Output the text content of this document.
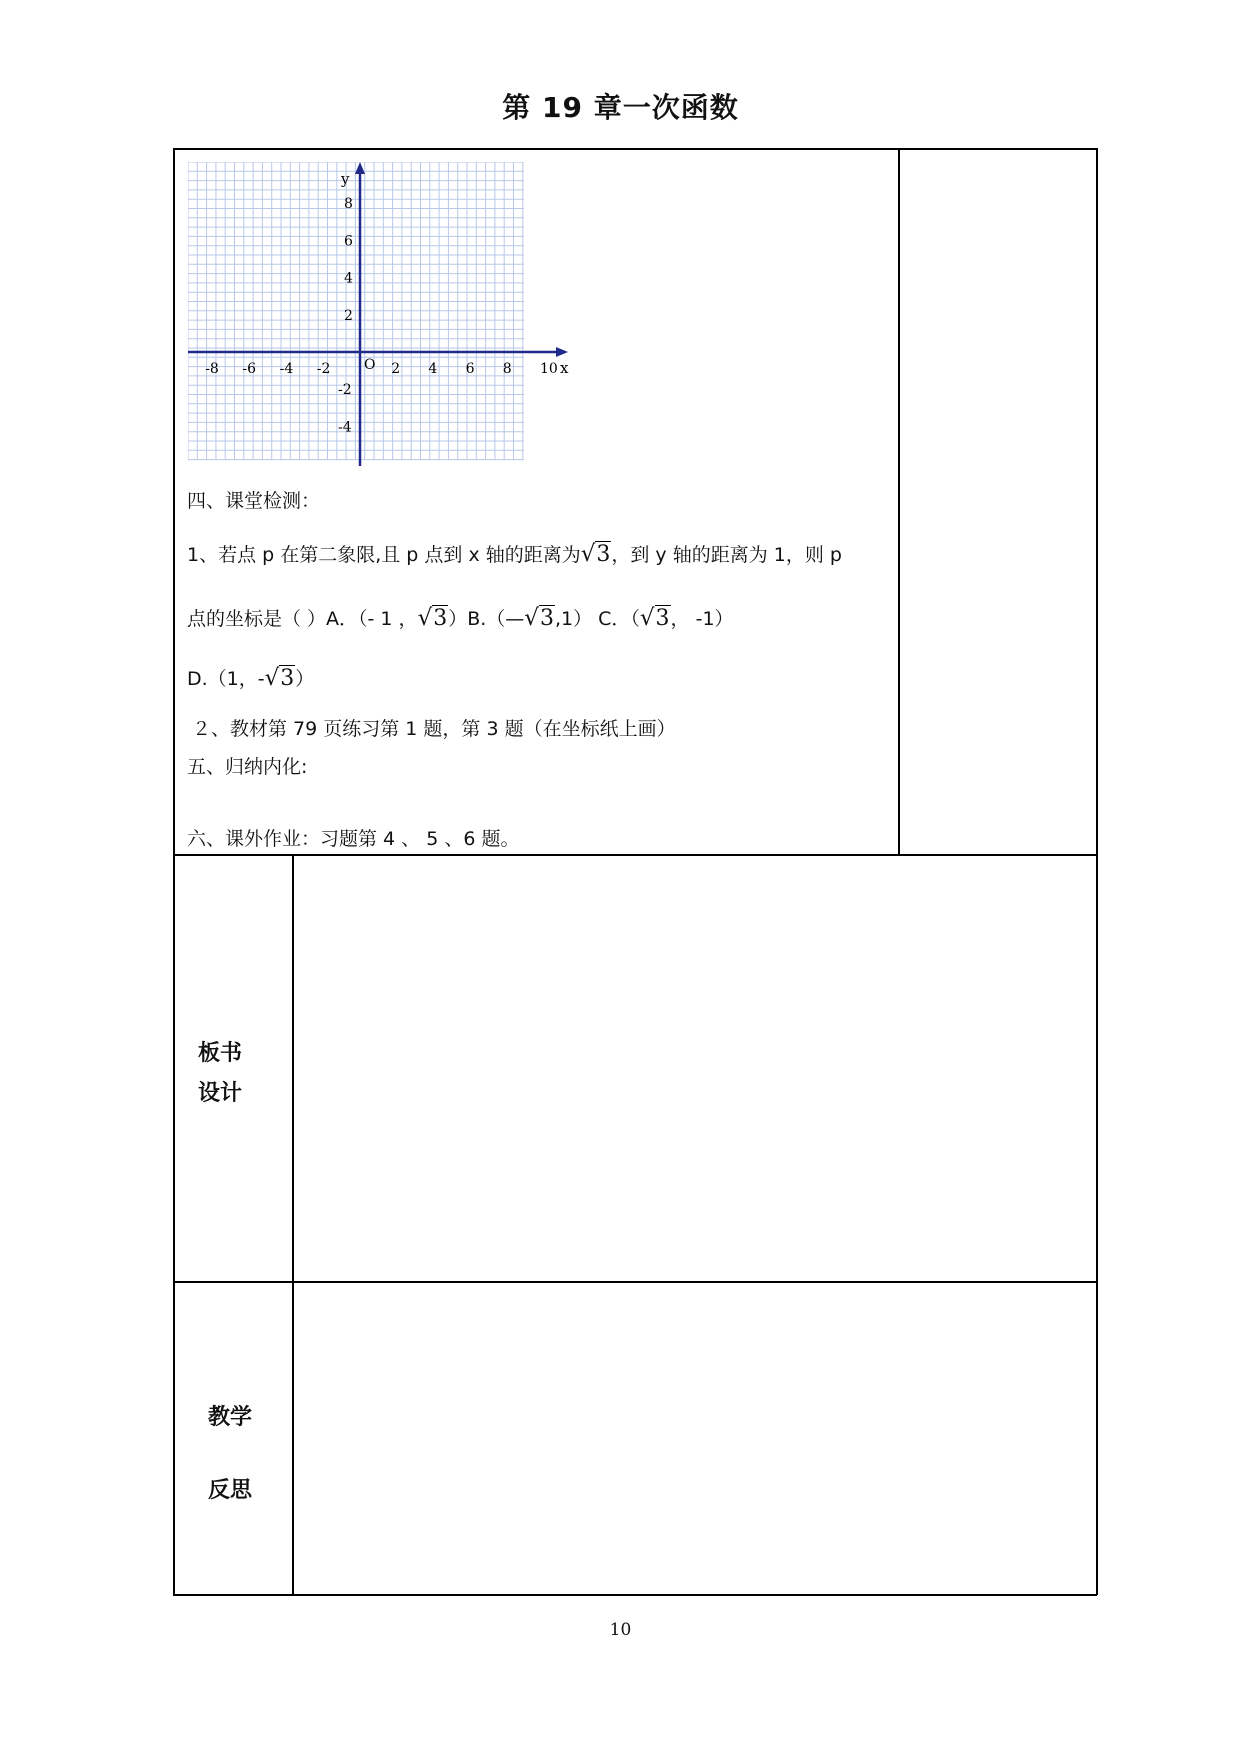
第 19 章一次函数
y
x
O
-8 -6 -4 -2	2 4 6 8 10
8
6
4
2
-2
-4
四、课堂检测：
1、若点 p 在第二象限,且 p 点到 x 轴的距离为√3，到 y 轴的距离为 1，则 p
点的坐标是（ ）A．（- 1 ，√3）B.（—√3,1） C．（√3， -1）
D.（1，-√3）
２、教材第 79 页练习第 1 题，第 3 题（在坐标纸上画）
五、归纳内化:
六、课外作业：习题第 4 、 5 、6 题。
板书
设计
教学
反思
10
